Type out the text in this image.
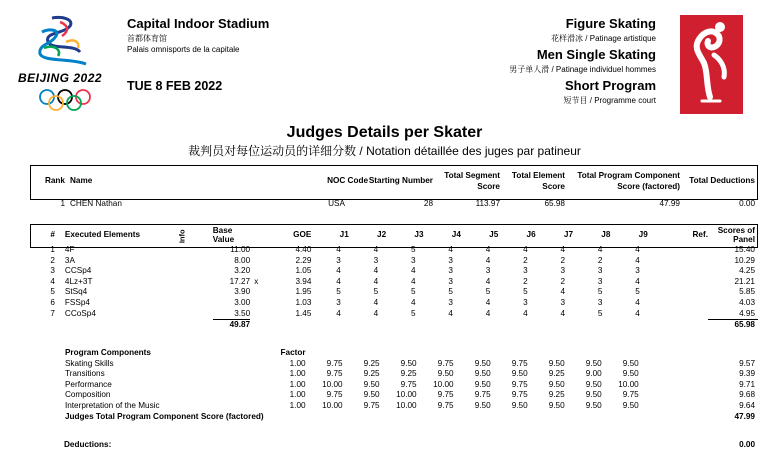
BEIJING 2022
Capital Indoor Stadium
首都体育馆
Palais omnisports de la capitale
TUE 8 FEB 2022
Figure Skating
花样滑冰 / Patinage artistique
Men Single Skating
男子单人滑 / Patinage individuel hommes
Short Program
短节目 / Programme court
Judges Details per Skater
裁判员对每位运动员的详细分数 / Notation détaillée des juges par patineur
Rank	Name	NOC Code	Starting Number	Total Segment Score	Total Element Score	Total Program Component Score (factored)	Total Deductions
1	CHEN Nathan	USA	28	113.97	65.98	47.99	0.00
#	Executed Elements	Info	Base Value		GOE	J1	J2	J3	J4	J5	J6	J7	J8	J9	Ref.	Scores of Panel
1	4F		11.00		4.40	4	4	5	4	4	4	4	4	4		15.40
2	3A		8.00		2.29	3	3	3	3	4	2	2	2	4		10.29
3	CCSp4		3.20		1.05	4	4	4	3	3	3	3	3	3		4.25
4	4Lz+3T		17.27	x	3.94	4	4	4	3	4	2	2	3	4		21.21
5	StSq4		3.90		1.95	5	5	5	5	5	5	4	5	5		5.85
6	FSSp4		3.00		1.03	3	4	4	3	4	3	3	3	4		4.03
7	CCoSp4		3.50		1.45	4	4	5	4	4	4	4	5	4		4.95
			49.87													65.98
	Program Components	Factor											
	Skating Skills	1.00	9.75	9.25	9.50	9.75	9.50	9.75	9.50	9.50	9.50		9.57
	Transitions	1.00	9.75	9.25	9.25	9.50	9.50	9.50	9.25	9.00	9.50		9.39
	Performance	1.00	10.00	9.50	9.75	10.00	9.50	9.75	9.50	9.50	10.00		9.71
	Composition	1.00	9.75	9.50	10.00	9.75	9.75	9.75	9.25	9.50	9.75		9.68
	Interpretation of the Music	1.00	10.00	9.75	10.00	9.75	9.50	9.50	9.50	9.50	9.50		9.64
	Judges Total Program Component Score (factored)												47.99
Deductions:	0.00
